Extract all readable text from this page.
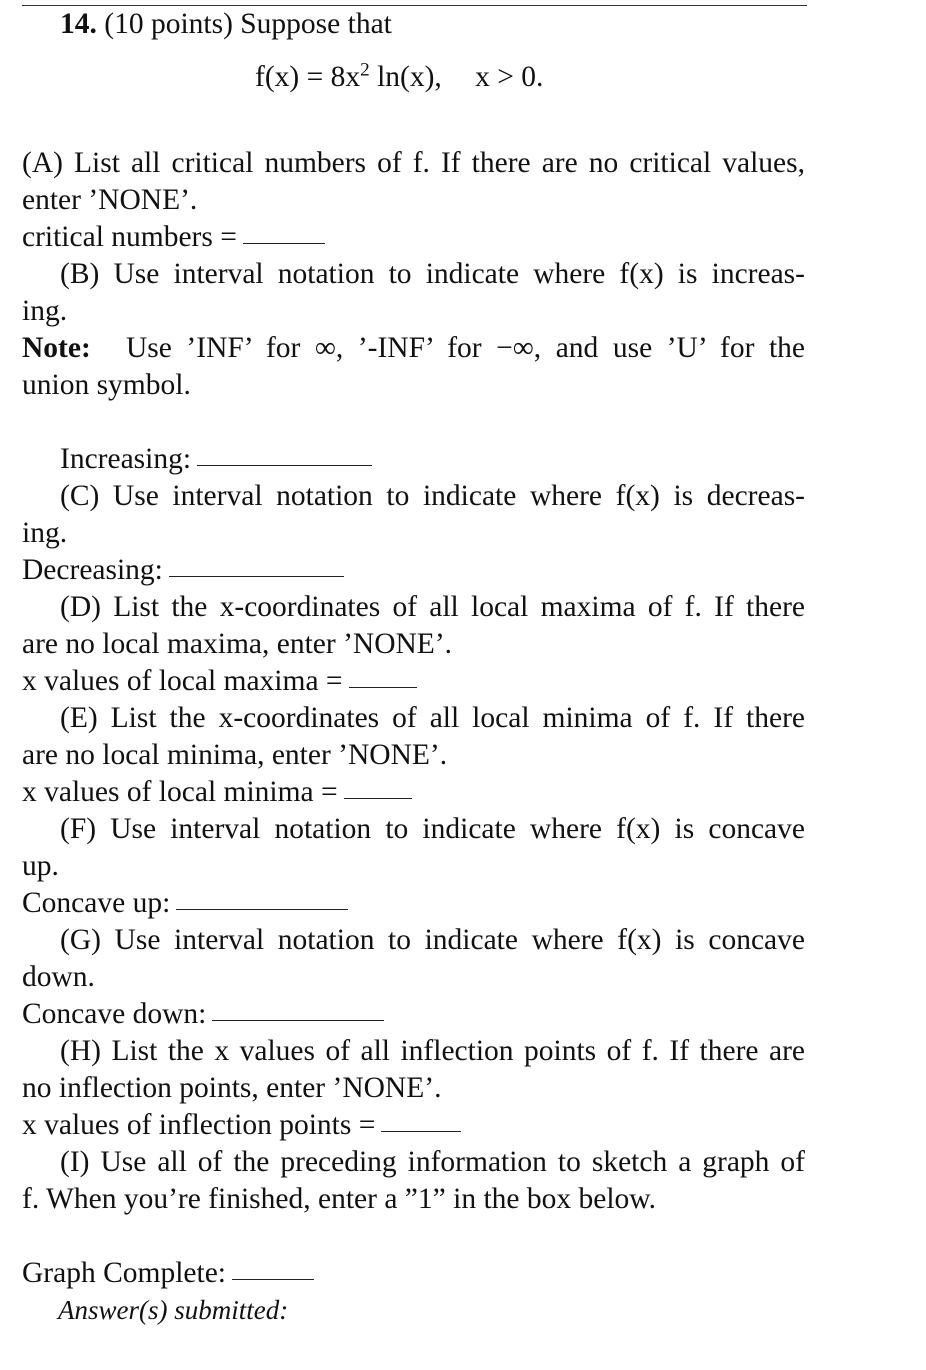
14. (10 points) Suppose that
$f(x) = 8x^2$ ln(x), x > 0.
(A) List all critical numbers of f. If there are no critical values,
enter ’NONE’.
critical numbers =
(B) Use interval notation to indicate where f(x) is increas-
ing.
Note: Use ’INF’ for ∞, ’-INF’ for −∞, and use ’U’ for the
union symbol.
Increasing:
(C) Use interval notation to indicate where f(x) is decreas-
ing.
Decreasing:
(D) List the x-coordinates of all local maxima of f. If there
are no local maxima, enter ’NONE’.
x values of local maxima =
(E) List the x-coordinates of all local minima of f. If there
are no local minima, enter ’NONE’.
x values of local minima =
(F) Use interval notation to indicate where f(x) is concave
up.
Concave up:
(G) Use interval notation to indicate where f(x) is concave
down.
Concave down:
(H) List the x values of all inflection points of f. If there are
no inflection points, enter ’NONE’.
x values of inflection points =
(I) Use all of the preceding information to sketch a graph of
f. When you’re finished, enter a ”1” in the box below.
Graph Complete:
Answer(s) submitted:
